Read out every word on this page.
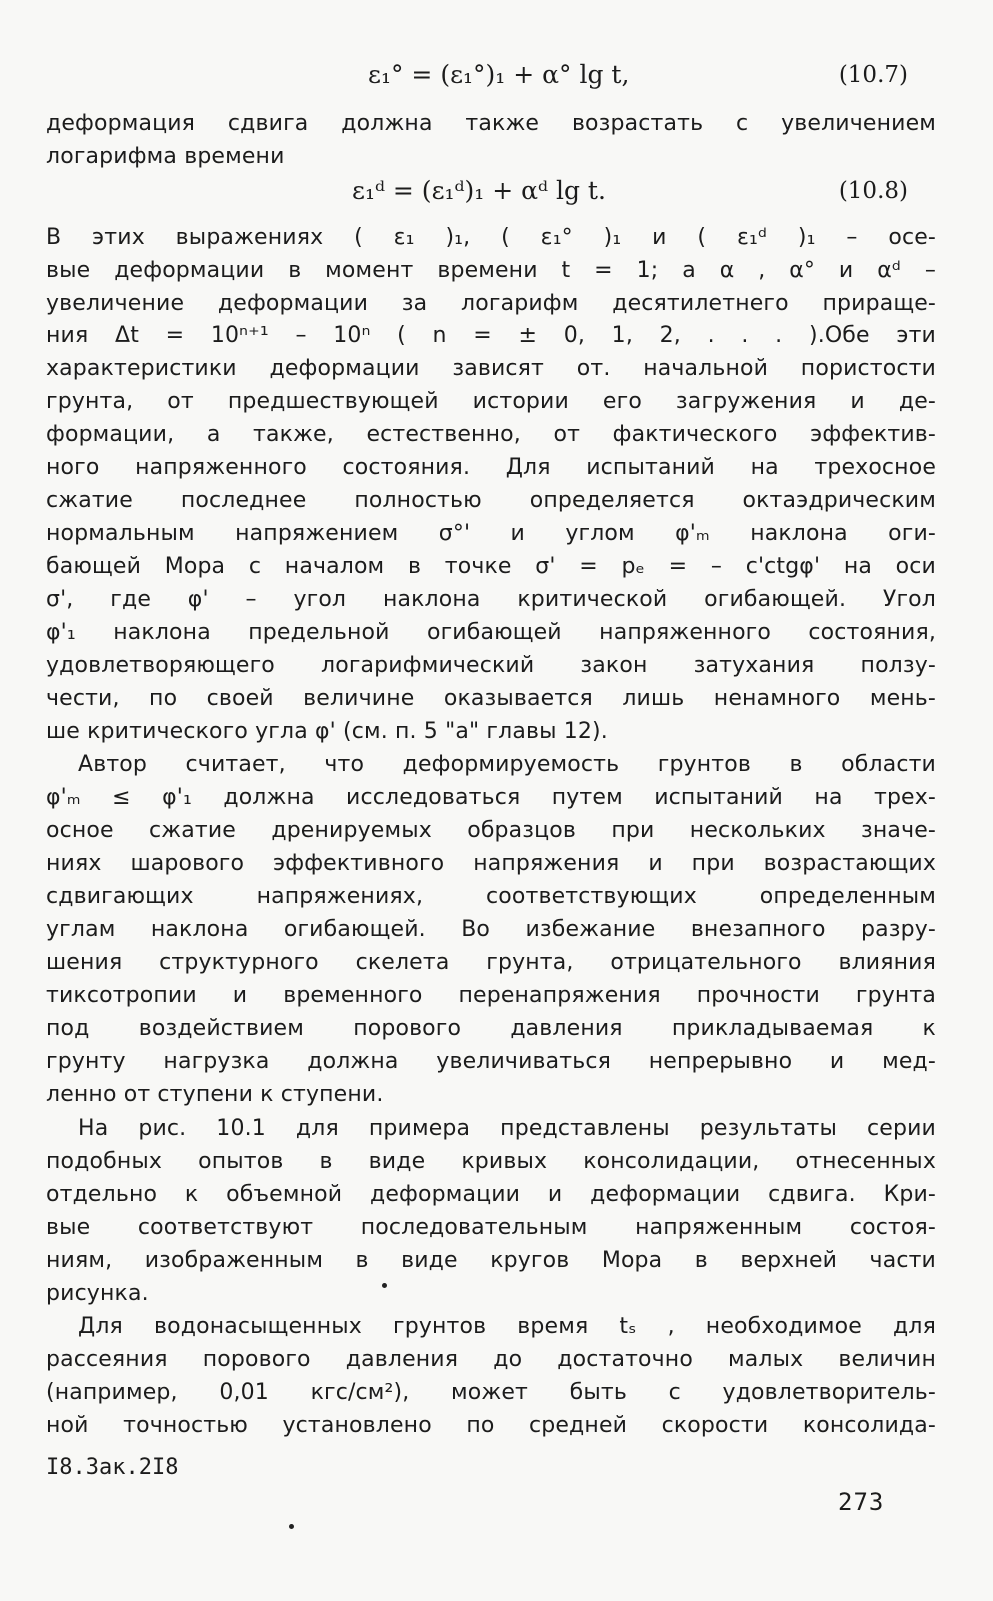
ε₁° = (ε₁°)₁ + α° lg t,	(10.7)
деформация сдвига должна также возрастать с увеличением
логарифма времени
ε₁ᵈ = (ε₁ᵈ)₁ + αᵈ lg t.	(10.8)
В этих выражениях ( ε₁ )₁, ( ε₁° )₁ и ( ε₁ᵈ )₁ – осе-
вые деформации в момент времени t = 1; а α , α° и αᵈ –
увеличение деформации за логарифм десятилетнего прираще-
ния Δt = 10ⁿ⁺¹ – 10ⁿ ( n = ± 0, 1, 2, . . . ).Обе эти
характеристики деформации зависят от. начальной пористости
грунта, от предшествующей истории его загружения и де-
формации, а также, естественно, от фактического эффектив-
ного напряженного состояния. Для испытаний на трехосное
сжатие последнее полностью определяется октаэдрическим
нормальным напряжением σ°' и углом φ'ₘ наклона оги-
бающей Мора с началом в точке σ' = pₑ = – c'ctgφ' на оси
σ', где φ' – угол наклона критической огибающей. Угол
φ'₁ наклона предельной огибающей напряженного состояния,
удовлетворяющего логарифмический закон затухания ползу-
чести, по своей величине оказывается лишь ненамного мень-
ше критического угла φ' (см. п. 5 "а" главы 12).
Автор считает, что деформируемость грунтов в области
φ'ₘ ≤ φ'₁ должна исследоваться путем испытаний на трех-
осное сжатие дренируемых образцов при нескольких значе-
ниях шарового эффективного напряжения и при возрастающих
сдвигающих напряжениях, соответствующих определенным
углам наклона огибающей. Во избежание внезапного разру-
шения структурного скелета грунта, отрицательного влияния
тиксотропии и временного перенапряжения прочности грунта
под воздействием порового давления прикладываемая к
грунту нагрузка должна увеличиваться непрерывно и мед-
ленно от ступени к ступени.
На рис. 10.1 для примера представлены результаты серии
подобных опытов в виде кривых консолидации, отнесенных
отдельно к объемной деформации и деформации сдвига. Кри-
вые соответствуют последовательным напряженным состоя-
ниям, изображенным в виде кругов Мора в верхней части
рисунка.
Для водонасыщенных грунтов время tₛ , необходимое для
рассеяния порового давления до достаточно малых величин
(например, 0,01 кгс/см²), может быть с удовлетворитель-
ной точностью установлено по средней скорости консолида-
I8.Зак.2I8
273
